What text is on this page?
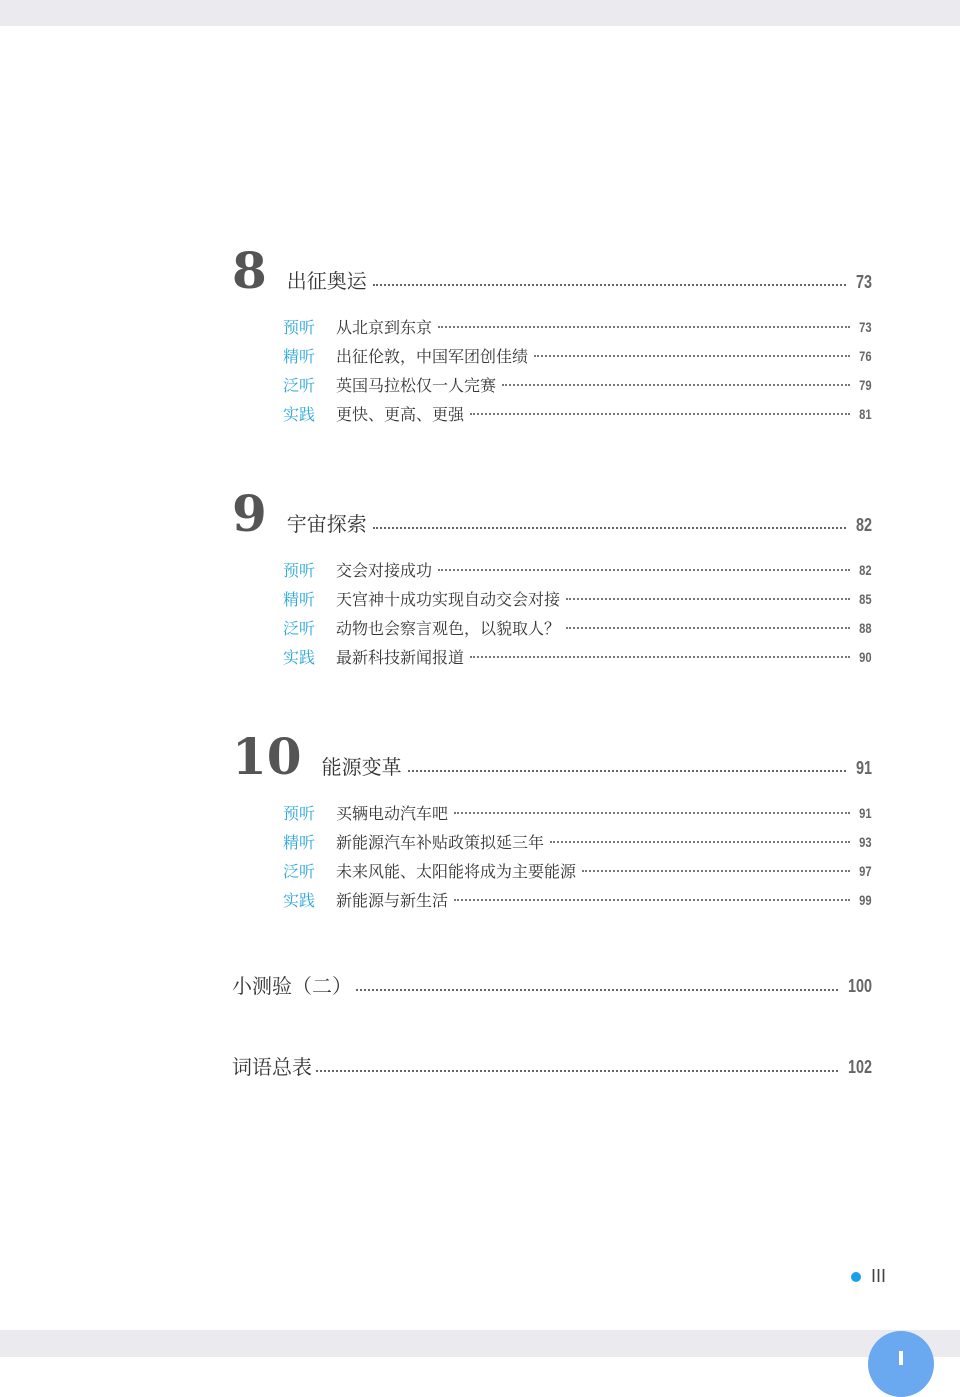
8 出征奥运	73
预听	从北京到东京	73
精听	出征伦敦，中国军团创佳绩	76
泛听	英国马拉松仅一人完赛	79
实践	更快、更高、更强	81
9 宇宙探索	82
预听	交会对接成功	82
精听	天宫神十成功实现自动交会对接	85
泛听	动物也会察言观色，以貌取人？	88
实践	最新科技新闻报道	90
10 能源变革	91
预听	买辆电动汽车吧	91
精听	新能源汽车补贴政策拟延三年	93
泛听	未来风能、太阳能将成为主要能源	97
实践	新能源与新生活	99
小测验（二）	100
词语总表	102
III
